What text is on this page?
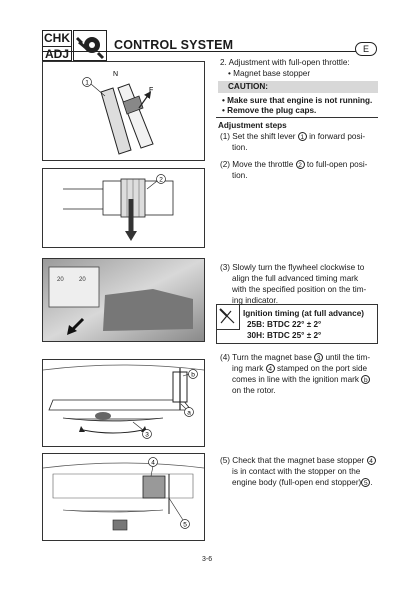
CHK
ADJ
CONTROL SYSTEM	E
1
N
F
2
20	20
b
a
3
4
5
2. Adjustment with full-open throttle:
• Magnet base stopper
CAUTION:
• Make sure that engine is not running.
• Remove the plug caps.
Adjustment steps
(1) Set the shift lever 1 in forward posi-
tion.
(2) Move the throttle 2 to full-open posi-
tion.
(3) Slowly turn the flywheel clockwise to
align the full advanced timing mark
with the specified position on the tim-
ing indicator.
Ignition timing (at full advance)
25B: BTDC 22° ± 2°
30H: BTDC 25° ± 2°
(4) Turn the magnet base 3 until the tim-
ing mark 4 stamped on the port side
comes in line with the ignition mark b
on the rotor.
(5) Check that the magnet base stopper 4
is in contact with the stopper on the
engine body (full-open end stopper) 5 .
3-6
